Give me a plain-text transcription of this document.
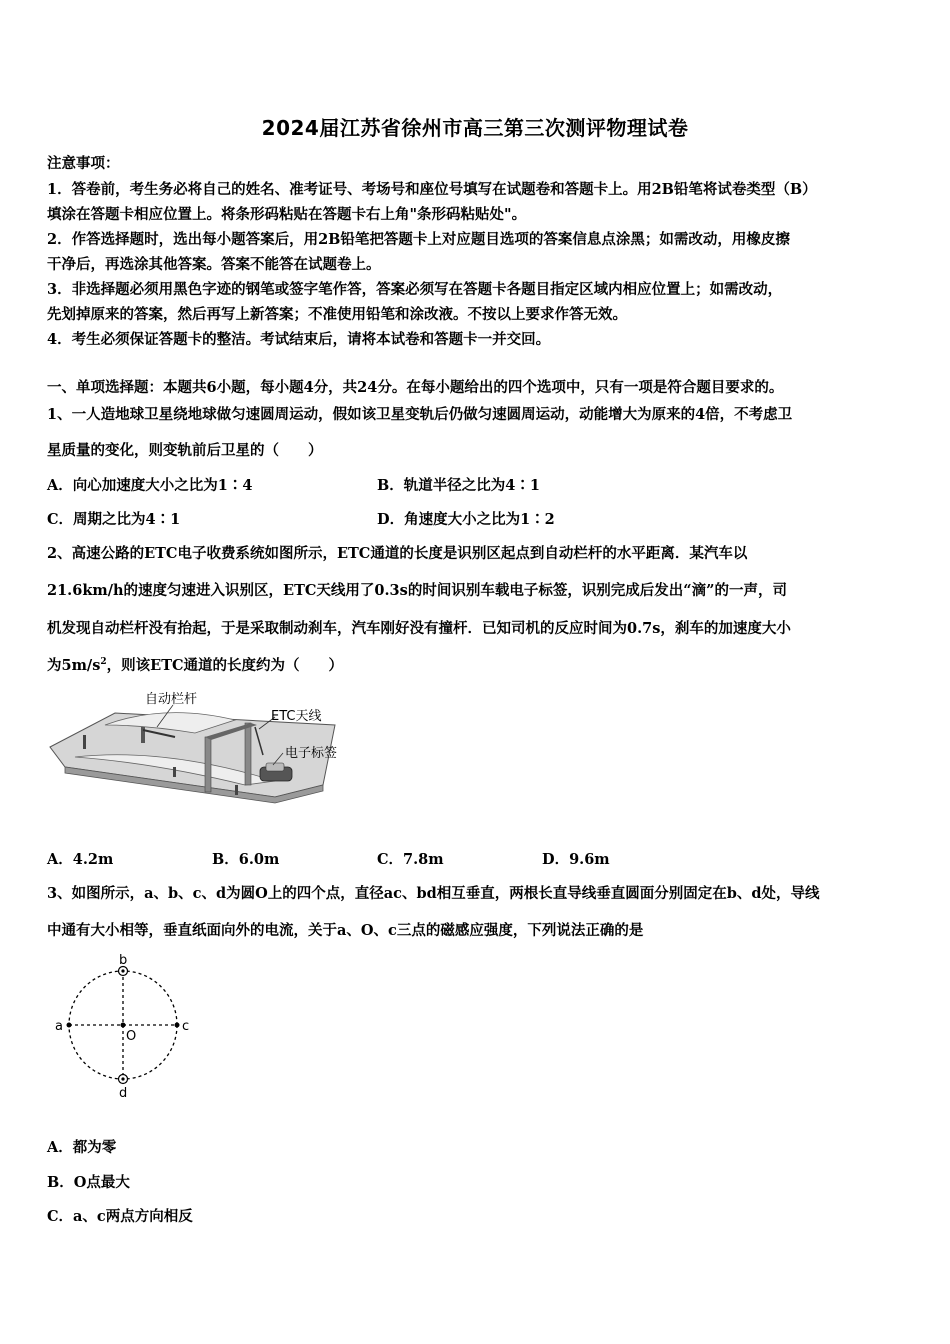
2024届江苏省徐州市高三第三次测评物理试卷
注意事项：
1．答卷前，考生务必将自己的姓名、准考证号、考场号和座位号填写在试题卷和答题卡上。用2B铅笔将试卷类型（B）
填涂在答题卡相应位置上。将条形码粘贴在答题卡右上角"条形码粘贴处"。
2．作答选择题时，选出每小题答案后，用2B铅笔把答题卡上对应题目选项的答案信息点涂黑；如需改动，用橡皮擦
干净后，再选涂其他答案。答案不能答在试题卷上。
3．非选择题必须用黑色字迹的钢笔或签字笔作答，答案必须写在答题卡各题目指定区域内相应位置上；如需改动，
先划掉原来的答案，然后再写上新答案；不准使用铅笔和涂改液。不按以上要求作答无效。
4．考生必须保证答题卡的整洁。考试结束后，请将本试卷和答题卡一并交回。
一、单项选择题：本题共6小题，每小题4分，共24分。在每小题给出的四个选项中，只有一项是符合题目要求的。
1、一人造地球卫星绕地球做匀速圆周运动，假如该卫星变轨后仍做匀速圆周运动，动能增大为原来的4倍，不考虑卫
星质量的变化，则变轨前后卫星的（　　）
A．向心加速度大小之比为1∶4	B．轨道半径之比为4∶1
C．周期之比为4∶1	D．角速度大小之比为1∶2
2、高速公路的ETC电子收费系统如图所示，ETC通道的长度是识别区起点到自动栏杆的水平距离．某汽车以
21.6km/h的速度匀速进入识别区，ETC天线用了0.3s的时间识别车载电子标签，识别完成后发出“滴”的一声，司
机发现自动栏杆没有抬起，于是采取制动刹车，汽车刚好没有撞杆．已知司机的反应时间为0.7s，刹车的加速度大小
为$5m/s^2$，则该ETC通道的长度约为（　　）
自动栏杆
ETC天线
电子标签
A．4.2m	B．6.0m	C．7.8m	D．9.6m
3、如图所示，a、b、c、d为圆O上的四个点，直径ac、bd相互垂直，两根长直导线垂直圆面分别固定在b、d处，导线
中通有大小相等，垂直纸面向外的电流，关于a、O、c三点的磁感应强度，下列说法正确的是
a
b
c
d
O
A．都为零
B．O点最大
C．a、c两点方向相反
